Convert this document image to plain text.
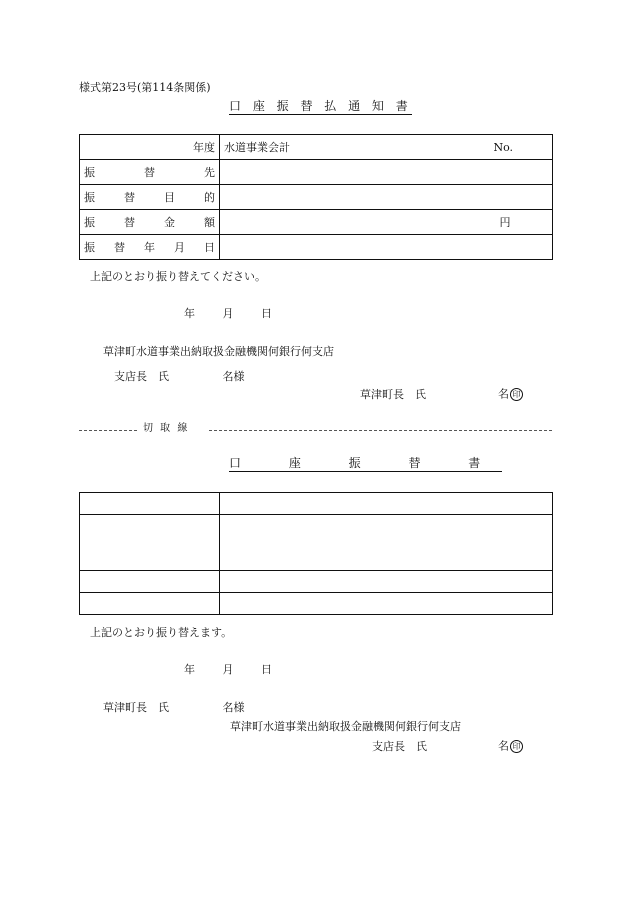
様式第23号(第114条関係)
口 座 振 替 払 通 知 書
年度	水道事業会計	No.

振 替 先		

振 替 目 的		

振 替 金 額		円

振 替 年 月 日		

上記のとおり振り替えてください。
年	月	日
草津町水道事業出納取扱金融機関何銀行何支店
支店長　氏	名様
草津町長　氏	名 印
切 取 線
口 座 振 替 書

上記のとおり振り替えます。
年	月	日
草津町長　氏	名様
草津町水道事業出納取扱金融機関何銀行何支店
支店長　氏	名 印
